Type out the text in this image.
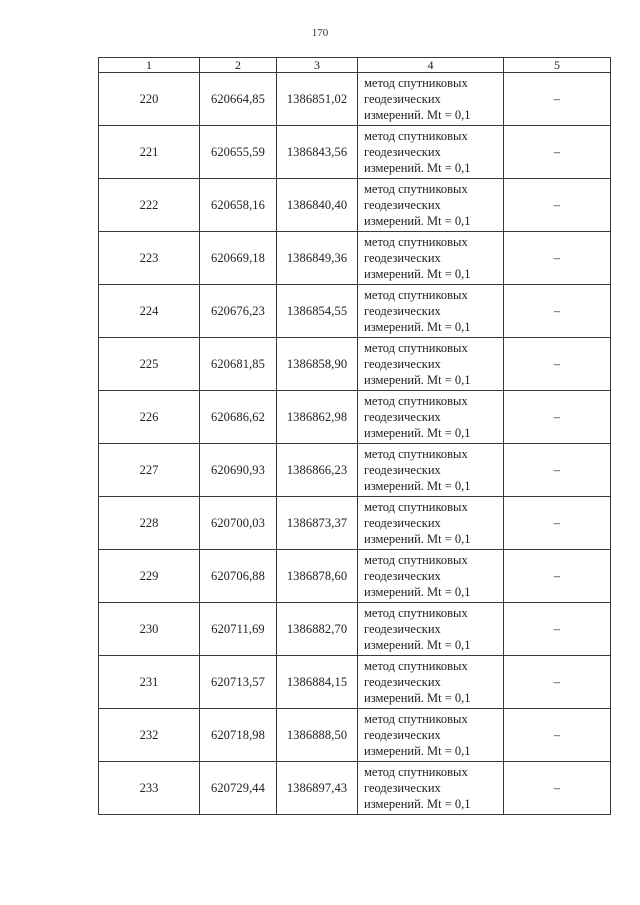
170
1	2	3	4	5
220	620664,85	1386851,02	метод спутниковых геодезических измерений. Mt = 0,1	–
221	620655,59	1386843,56	метод спутниковых геодезических измерений. Mt = 0,1	–
222	620658,16	1386840,40	метод спутниковых геодезических измерений. Mt = 0,1	–
223	620669,18	1386849,36	метод спутниковых геодезических измерений. Mt = 0,1	–
224	620676,23	1386854,55	метод спутниковых геодезических измерений. Mt = 0,1	–
225	620681,85	1386858,90	метод спутниковых геодезических измерений. Mt = 0,1	–
226	620686,62	1386862,98	метод спутниковых геодезических измерений. Mt = 0,1	–
227	620690,93	1386866,23	метод спутниковых геодезических измерений. Mt = 0,1	–
228	620700,03	1386873,37	метод спутниковых геодезических измерений. Mt = 0,1	–
229	620706,88	1386878,60	метод спутниковых геодезических измерений. Mt = 0,1	–
230	620711,69	1386882,70	метод спутниковых геодезических измерений. Mt = 0,1	–
231	620713,57	1386884,15	метод спутниковых геодезических измерений. Mt = 0,1	–
232	620718,98	1386888,50	метод спутниковых геодезических измерений. Mt = 0,1	–
233	620729,44	1386897,43	метод спутниковых геодезических измерений. Mt = 0,1	–
